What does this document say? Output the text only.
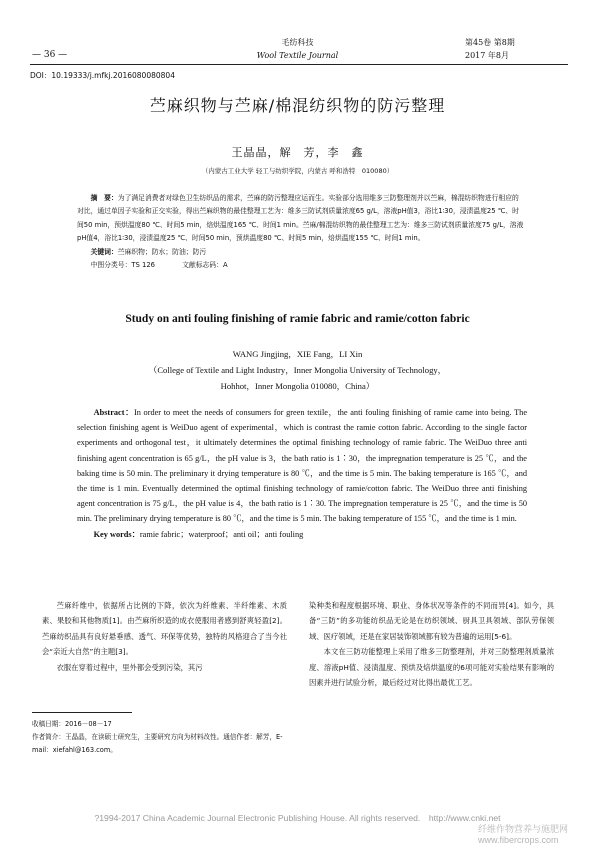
— 36 —
毛纺科技
Wool Textile Journal
第45卷 第8期
2017 年8月
DOI：10.19333/j.mfkj.2016080080804
苎麻织物与苎麻/棉混纺织物的防污整理
王晶晶，解　芳，李　鑫
（内蒙古工业大学 轻工与纺织学院，内蒙古 呼和浩特　010080）
摘　要：为了满足消费者对绿色卫生纺织品的需求，苎麻的防污整理应运而生。实验部分选用维多三防整理剂并以苎麻，棉混纺织物进行相应的对比，通过单因子实验和正交实验，得出苎麻织物的最佳整理工艺为：维多三防试剂质量浓度65 g/L，溶液pH值3，浴比1∶30，浸渍温度25 ℃、时间50 min，预烘温度80 ℃、时间5 min，焙烘温度165 ℃、时间1 min。苎麻/棉混纺织物的最佳整理工艺为：维多三防试剂质量浓度75 g/L，溶液pH值4，浴比1∶30，浸渍温度25 ℃、时间50 min，预烘温度80 ℃、时间5 min，焙烘温度155 ℃、时间1 min。
关键词：苎麻织物；防水；防油；防污
中图分类号：TS 126　　　　文献标志码：A
Study on anti fouling finishing of ramie fabric and ramie/cotton fabric
WANG Jingjing，XIE Fang，LI Xin
（College of Textile and Light Industry，Inner Mongolia University of Technology，
Hohhot，Inner Mongolia 010080，China）
Abstract：In order to meet the needs of consumers for green textile，the anti fouling finishing of ramie came into being. The selection finishing agent is WeiDuo agent of experimental，which is contrast the ramie cotton fabric. According to the single factor experiments and orthogonal test，it ultimately determines the optimal finishing technology of ramie fabric. The WeiDuo three anti finishing agent concentration is 65 g/L，the pH value is 3，the bath ratio is 1∶30，the impregnation temperature is 25 ℃，and the baking time is 50 min. The preliminary it drying temperature is 80 ℃，and the time is 5 min. The baking temperature is 165 ℃，and the time is 1 min. Eventually determined the optimal finishing technology of ramie/cotton fabric. The WeiDuo three anti finishing agent concentration is 75 g/L，the pH value is 4，the bath ratio is 1∶30. The impregnation temperature is 25 ℃，and the time is 50 min. The preliminary drying temperature is 80 ℃，and the time is 5 min. The baking temperature of 155 ℃，and the time is 1 min.
Key words：ramie fabric；waterproof；anti oil；anti fouling

苎麻纤维中，依据所占比例的下降，依次为纤维素、半纤维素、木质素、果胶和其他物质[1]。由苎麻所织造的成衣使服用者感到舒爽轻盈[2]。苎麻纺织品具有良好悬垂感、透气、环保等优势，独特的风格迎合了当今社会“亲近大自然”的主题[3]。

衣服在穿着过程中，里外都会受到污染，其污

染种类和程度根据环境、职业、身体状况等条件的不同而异[4]。如今，具备“三防”的多功能纺织品无论是在纺织领域、厨具卫具领域、部队劳保领域、医疗领域，还是在家居装饰领域都有较为普遍的运用[5-6]。

本文在三防功能整理上采用了维多三防整理剂，并对三防整理剂质量浓度、溶液pH值、浸渍温度、预烘及焙烘温度的6项可能对实验结果有影响的因素并进行试验分析，最后经过对比得出最优工艺。

收稿日期：2016－08－17
作者简介：王晶晶，在读硕士研究生，主要研究方向为材料改性。通信作者：解芳，E-mail：xiefahl@163.com。
?1994-2017 China Academic Journal Electronic Publishing House. All rights reserved.　http://www.cnki.net
纤维作物营养与施肥网 www.fibercrops.com
